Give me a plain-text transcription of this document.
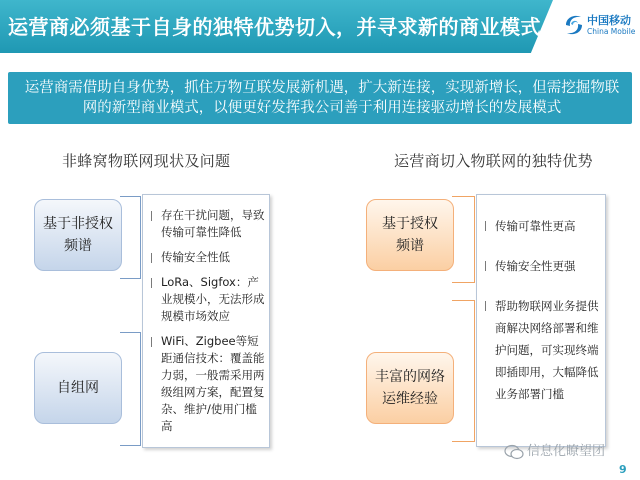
运营商必须基于自身的独特优势切入，并寻求新的商业模式	中国移动
China Mobile
运营商需借助自身优势，抓住万物互联发展新机遇，扩大新连接，实现新增长，但需挖掘物联网的新型商业模式，以便更好发挥我公司善于利用连接驱动增长的发展模式
非蜂窝物联网现状及问题
基于非授权
频谱
自组网
存在干扰问题，导致传输可靠性降低
传输安全性低
LoRa、Sigfox：产业规模小，无法形成规模市场效应
WiFi、Zigbee等短距通信技术：覆盖能力弱，一般需采用两级组网方案，配置复杂、维护/使用门槛高
运营商切入物联网的独特优势
基于授权
频谱
丰富的网络
运维经验
传输可靠性更高
传输安全性更强
帮助物联网业务提供商解决网络部署和维护问题，可实现终端即插即用，大幅降低业务部署门槛
信息化瞭望团
9
